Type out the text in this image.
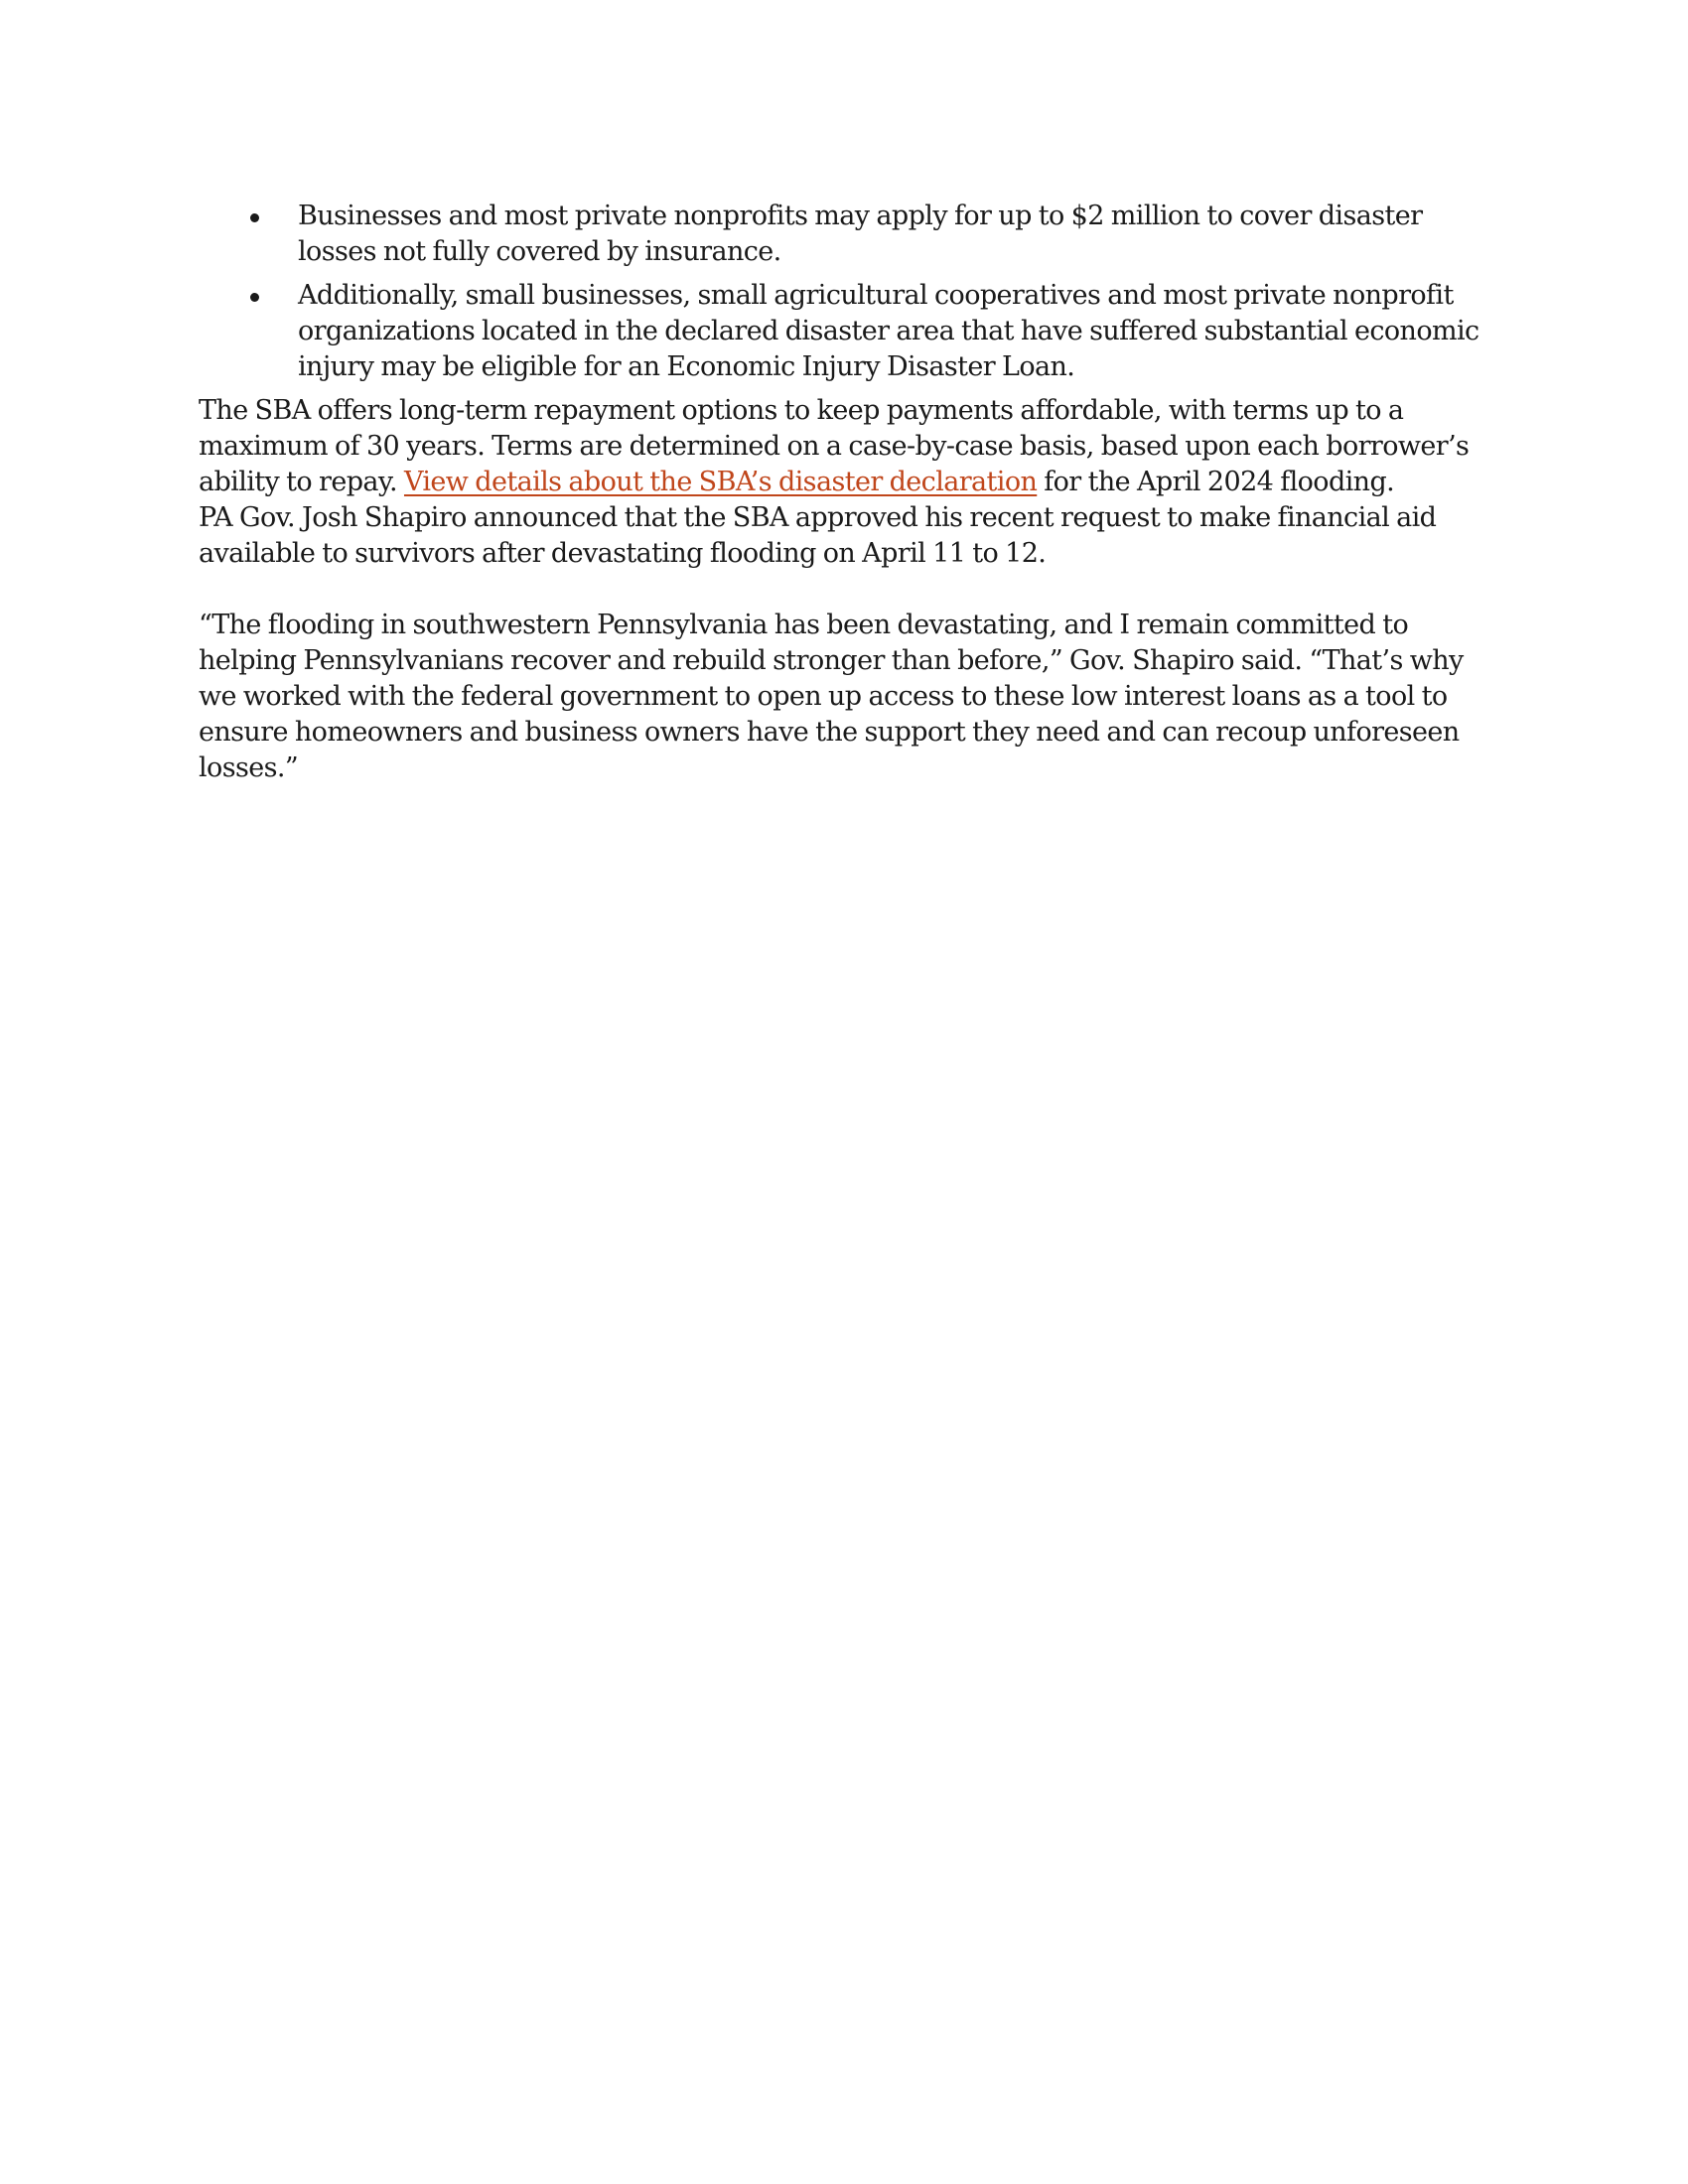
Businesses and most private nonprofits may apply for up to $2 million to cover disaster losses not fully covered by insurance.
Additionally, small businesses, small agricultural cooperatives and most private nonprofit organizations located in the declared disaster area that have suffered substantial economic injury may be eligible for an Economic Injury Disaster Loan.

The SBA offers long-term repayment options to keep payments affordable, with terms up to a maximum of 30 years. Terms are determined on a case-by-case basis, based upon each borrower’s ability to repay. View details about the SBA’s disaster declaration for the April 2024 flooding.

PA Gov. Josh Shapiro announced that the SBA approved his recent request to make financial aid available to survivors after devastating flooding on April 11 to 12.

“The flooding in southwestern Pennsylvania has been devastating, and I remain committed to helping Pennsylvanians recover and rebuild stronger than before,” Gov. Shapiro said. “That’s why we worked with the federal government to open up access to these low interest loans as a tool to ensure homeowners and business owners have the support they need and can recoup unforeseen losses.”
